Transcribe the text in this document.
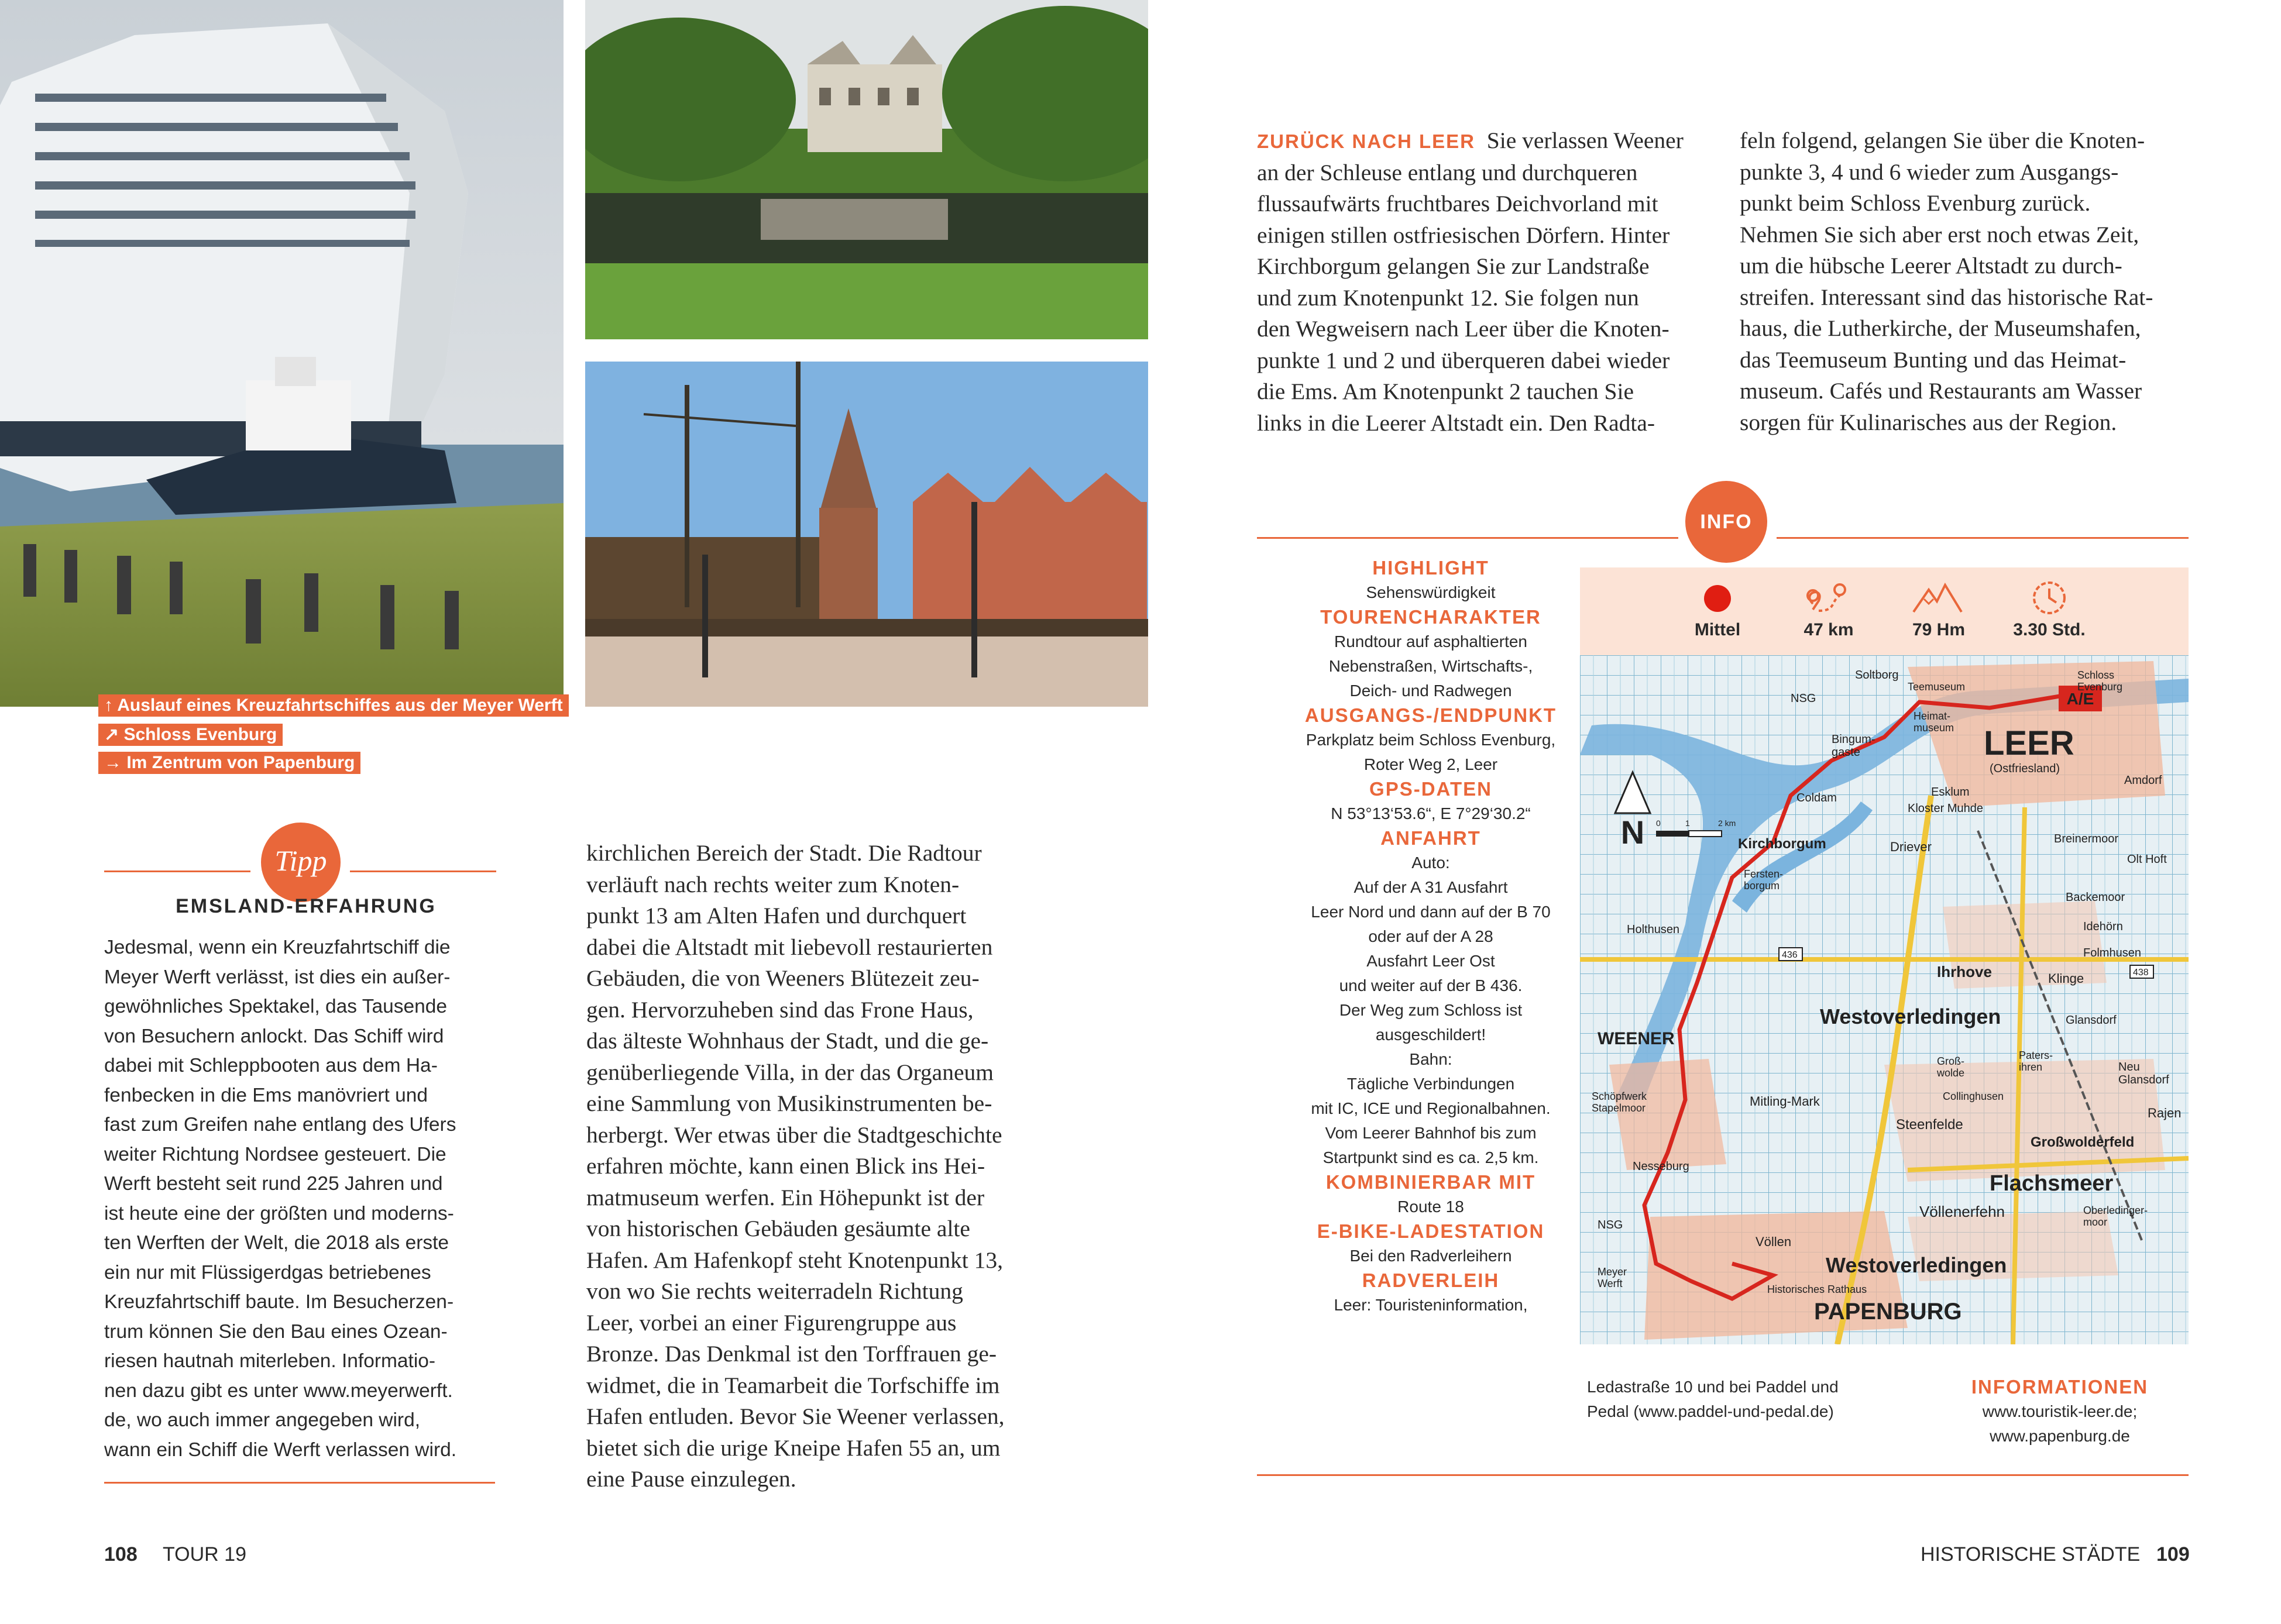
↑ Auslauf eines Kreuzfahrtschiffes aus der Meyer Werft
↗ Schloss Evenburg
→ Im Zentrum von Papenburg
Tipp
EMSLAND-ERFAHRUNG
Jedesmal, wenn ein Kreuzfahrtschiff die
Meyer Werft verlässt, ist dies ein außer-
gewöhnliches Spektakel, das Tausende
von Besuchern anlockt. Das Schiff wird
dabei mit Schleppbooten aus dem Ha-
fenbecken in die Ems manövriert und
fast zum Greifen nahe entlang des Ufers
weiter Richtung Nordsee gesteuert. Die
Werft besteht seit rund 225 Jahren und
ist heute eine der größten und moderns-
ten Werften der Welt, die 2018 als erste
ein nur mit Flüssigerdgas betriebenes
Kreuzfahrtschiff baute. Im Besucherzen-
trum können Sie den Bau eines Ozean-
riesen hautnah miterleben. Informatio-
nen dazu gibt es unter www.meyerwerft.
de, wo auch immer angegeben wird,
wann ein Schiff die Werft verlassen wird.

kirchlichen Bereich der Stadt. Die Radtour

verläuft nach rechts weiter zum Knoten-

punkt 13 am Alten Hafen und durchquert

dabei die Altstadt mit liebevoll restaurierten

Gebäuden, die von Weeners Blütezeit zeu-

gen. Hervorzuheben sind das Frone Haus,

das älteste Wohnhaus der Stadt, und die ge-

genüberliegende Villa, in der das Organeum

eine Sammlung von Musikinstrumenten be-

herbergt. Wer etwas über die Stadtgeschichte

erfahren möchte, kann einen Blick ins Hei-

matmuseum werfen. Ein Höhepunkt ist der

von historischen Gebäuden gesäumte alte

Hafen. Am Hafenkopf steht Knotenpunkt 13,

von wo Sie rechts weiterradeln Richtung

Leer, vorbei an einer Figurengruppe aus

Bronze. Das Denkmal ist den Torffrauen ge-

widmet, die in Teamarbeit die Torfschiffe im

Hafen entluden. Bevor Sie Weener verlassen,

bietet sich die urige Kneipe Hafen 55 an, um

eine Pause einzulegen.

ZURÜCK NACH LEER Sie verlassen Weener

an der Schleuse entlang und durchqueren

flussaufwärts fruchtbares Deichvorland mit

einigen stillen ostfriesischen Dörfern. Hinter

Kirchborgum gelangen Sie zur Landstraße

und zum Knotenpunkt 12. Sie folgen nun

den Wegweisern nach Leer über die Knoten-

punkte 1 und 2 und überqueren dabei wieder

die Ems. Am Knotenpunkt 2 tauchen Sie

links in die Leerer Altstadt ein. Den Radta-

feln folgend, gelangen Sie über die Knoten-

punkte 3, 4 und 6 wieder zum Ausgangs-

punkt beim Schloss Evenburg zurück.

Nehmen Sie sich aber erst noch etwas Zeit,

um die hübsche Leerer Altstadt zu durch-

streifen. Interessant sind das historische Rat-

haus, die Lutherkirche, der Museumshafen,

das Teemuseum Bunting und das Heimat-

museum. Cafés und Restaurants am Wasser

sorgen für Kulinarisches aus der Region.

INFO
HIGHLIGHT
Sehenswürdigkeit
TOURENCHARAKTER
Rundtour auf asphaltierten
Nebenstraßen, Wirtschafts-,
Deich- und Radwegen
AUSGANGS-/ENDPUNKT
Parkplatz beim Schloss Evenburg,
Roter Weg 2, Leer
GPS-DATEN
N 53°13‘53.6“, E 7°29‘30.2“
ANFAHRT
Auto:
Auf der A 31 Ausfahrt
Leer Nord und dann auf der B 70
oder auf der A 28
Ausfahrt Leer Ost
und weiter auf der B 436.
Der Weg zum Schloss ist
ausgeschildert!
Bahn:
Tägliche Verbindungen
mit IC, ICE und Regionalbahnen.
Vom Leerer Bahnhof bis zum
Startpunkt sind es ca. 2,5 km.
KOMBINIERBAR MIT
Route 18
E-BIKE-LADESTATION
Bei den Radverleihern
RADVERLEIH
Leer: Touristeninformation,
Mittel	47 km	79 Hm	3.30 Std.
A/E
N 0	1	2 km
LEER
(Ostfriesland)
Soltborg
Teemuseum
Heimat-museum
Schloss Evenburg
Amdorf
NSG
Bingum-gaste
Coldam	Esklum
Kloster Muhde
Kirchborgum	Driever
Breinermoor
Olt Hoft
Fersten-borgum
Backemoor
Idehörn
Holthusen
Folmhusen
Ihrhove	Klinge
WEENER
Westoverledingen	Glansdorf
Paters-ihren	Neu Glansdorf
Groß-wolde
Collinghusen
Schöpfwerk Stapelmoor	Mitling-Mark
Steenfelde
Großwolderfeld
Rajen
Nesseburg
Flachsmeer
Völlenerfehn	Oberledinger-moor
NSG
Völlen
Westoverledingen
Meyer Werft
Historisches Rathaus
PAPENBURG
436
438
Ledastraße 10 und bei Paddel und
Pedal (www.paddel-und-pedal.de)
INFORMATIONEN
www.touristik-leer.de;
www.papenburg.de
108 TOUR 19	HISTORISCHE STÄDTE 109
